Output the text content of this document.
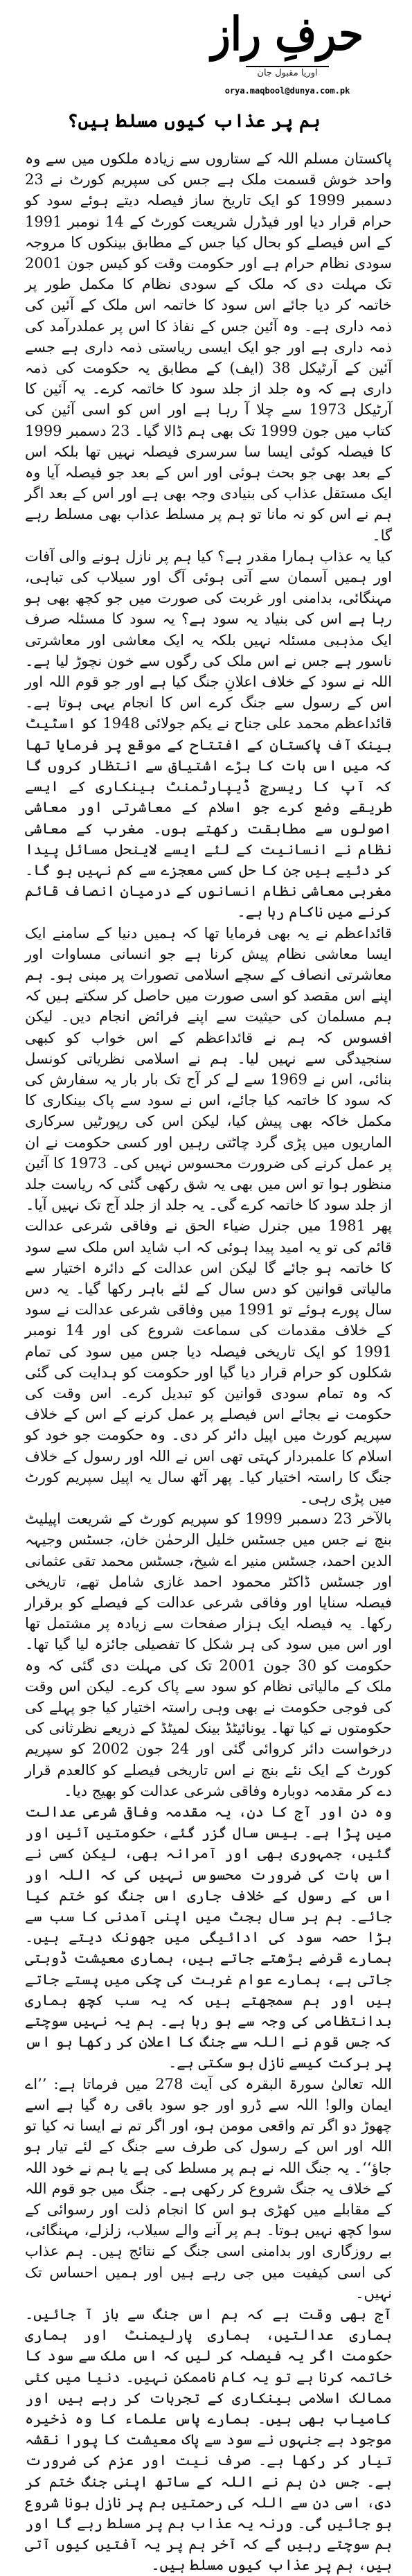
حرفِ راز
اوریا مقبول جان
orya.maqbool@dunya.com.pk
ہم پر عذاب کیوں مسلط ہیں؟

پاکستان مسلم اللہ کے ستاروں سے زیادہ ملکوں میں سے وہ واحد خوش قسمت ملک ہے جس کی سپریم کورٹ نے 23 دسمبر 1999 کو ایک تاریخ ساز فیصلہ دیتے ہوئے سود کو حرام قرار دیا اور فیڈرل شریعت کورٹ کے 14 نومبر 1991 کے اس فیصلے کو بحال کیا جس کے مطابق بینکوں کا مروجہ سودی نظام حرام ہے اور حکومت وقت کو کیس جون 2001 تک مہلت دی کہ ملک کے سودی نظام کا مکمل طور پر خاتمہ کر دیا جائے اس سود کا خاتمہ اس ملک کے آئین کی ذمہ داری ہے۔ وہ آئین جس کے نفاذ کا اس پر عملدرآمد کی ذمہ داری ہے اور جو ایک ایسی ریاستی ذمہ داری ہے جسے آئین کے آرٹیکل 38 (ایف) کے مطابق یہ حکومت کی ذمہ داری ہے کہ وہ جلد از جلد سود کا خاتمہ کرے۔ یہ آئین کا آرٹیکل 1973 سے چلا آ رہا ہے اور اس کو اسی آئین کی کتاب میں جون 1999 تک بھی ہم ڈالا گیا۔ 23 دسمبر 1999 کا فیصلہ کوئی ایسا سا سرسری فیصلہ نہیں تھا بلکہ اس کے بعد بھی جو بحث ہوئی اور اس کے بعد جو فیصلہ آیا وہ ایک مستقل عذاب کی بنیادی وجہ بھی ہے اور اس کے بعد اگر ہم نے اس کو نہ مانا تو ہم پر مسلط عذاب بھی مسلط رہے گا۔

کیا یہ عذاب ہمارا مقدر ہے؟ کیا ہم پر نازل ہونے والی آفات اور ہمیں آسمان سے آتی ہوئی آگ اور سیلاب کی تباہی، مہنگائی، بدامنی اور غربت کی صورت میں جو کچھ بھی ہو رہا ہے اس کی بنیاد یہ سود ہے؟ یہ سود کا مسئلہ صرف ایک مذہبی مسئلہ نہیں بلکہ یہ ایک معاشی اور معاشرتی ناسور ہے جس نے اس ملک کی رگوں سے خون نچوڑ لیا ہے۔ اللہ نے سود کے خلاف اعلانِ جنگ کیا ہے اور جو قوم اللہ اور اس کے رسول سے جنگ کرے اس کا انجام یہی ہوتا ہے۔ قائداعظم محمد علی جناح نے یکم جولائی 1948 کو اسٹیٹ بینک آف پاکستان کے افتتاح کے موقع پر فرمایا تھا کہ میں اس بات کا بڑے اشتیاق سے انتظار کروں گا کہ آپ کا ریسرچ ڈیپارٹمنٹ بینکاری کے ایسے طریقے وضع کرے جو اسلام کے معاشرتی اور معاشی اصولوں سے مطابقت رکھتے ہوں۔ مغرب کے معاشی نظام نے انسانیت کے لئے ایسے لاینحل مسائل پیدا کر دئیے ہیں جن کا حل کسی معجزے سے کم نہیں ہو گا۔ مغربی معاشی نظام انسانوں کے درمیان انصاف قائم کرنے میں ناکام رہا ہے۔

قائداعظم نے یہ بھی فرمایا تھا کہ ہمیں دنیا کے سامنے ایک ایسا معاشی نظام پیش کرنا ہے جو انسانی مساوات اور معاشرتی انصاف کے سچے اسلامی تصورات پر مبنی ہو۔ ہم اپنے اس مقصد کو اسی صورت میں حاصل کر سکتے ہیں کہ ہم مسلمان کی حیثیت سے اپنے فرائض انجام دیں۔ لیکن افسوس کہ ہم نے قائداعظم کے اس خواب کو کبھی سنجیدگی سے نہیں لیا۔ ہم نے اسلامی نظریاتی کونسل بنائی، اس نے 1969 سے لے کر آج تک بار بار یہ سفارش کی کہ سود کا خاتمہ کیا جائے، اس نے سود سے پاک بینکاری کا مکمل خاکہ بھی پیش کیا، لیکن اس کی رپورٹیں سرکاری الماریوں میں پڑی گرد چاٹتی رہیں اور کسی حکومت نے ان پر عمل کرنے کی ضرورت محسوس نہیں کی۔ 1973 کا آئین منظور ہوا تو اس میں بھی یہ شق رکھی گئی کہ ریاست جلد از جلد سود کا خاتمہ کرے گی۔ یہ جلد از جلد آج تک نہیں آیا۔

پھر 1981 میں جنرل ضیاء الحق نے وفاقی شرعی عدالت قائم کی تو یہ امید پیدا ہوئی کہ اب شاید اس ملک سے سود کا خاتمہ ہو جائے گا لیکن اس عدالت کے دائرہ اختیار سے مالیاتی قوانین کو دس سال کے لئے باہر رکھا گیا۔ یہ دس سال پورے ہوئے تو 1991 میں وفاقی شرعی عدالت نے سود کے خلاف مقدمات کی سماعت شروع کی اور 14 نومبر 1991 کو ایک تاریخی فیصلہ دیا جس میں سود کی تمام شکلوں کو حرام قرار دیا گیا اور حکومت کو ہدایت کی گئی کہ وہ تمام سودی قوانین کو تبدیل کرے۔ اس وقت کی حکومت نے بجائے اس فیصلے پر عمل کرنے کے اس کے خلاف سپریم کورٹ میں اپیل دائر کر دی۔ وہ حکومت جو خود کو اسلام کا علمبردار کہتی تھی اس نے اللہ اور رسول کے خلاف جنگ کا راستہ اختیار کیا۔ پھر آٹھ سال یہ اپیل سپریم کورٹ میں پڑی رہی۔

بالآخر 23 دسمبر 1999 کو سپریم کورٹ کے شریعت اپیلیٹ بنچ نے جس میں جسٹس خلیل الرحمٰن خان، جسٹس وجیہہ الدین احمد، جسٹس منیر اے شیخ، جسٹس محمد تقی عثمانی اور جسٹس ڈاکٹر محمود احمد غازی شامل تھے، تاریخی فیصلہ سنایا اور وفاقی شرعی عدالت کے فیصلے کو برقرار رکھا۔ یہ فیصلہ ایک ہزار صفحات سے زیادہ پر مشتمل تھا اور اس میں سود کی ہر شکل کا تفصیلی جائزہ لیا گیا تھا۔ حکومت کو 30 جون 2001 تک کی مہلت دی گئی کہ وہ ملک کے مالیاتی نظام کو سود سے پاک کرے۔ لیکن اس وقت کی فوجی حکومت نے بھی وہی راستہ اختیار کیا جو پہلے کی حکومتوں نے کیا تھا۔ یونائیٹڈ بینک لمیٹڈ کے ذریعے نظرثانی کی درخواست دائر کروائی گئی اور 24 جون 2002 کو سپریم کورٹ کے ایک نئے بنچ نے اس تاریخی فیصلے کو کالعدم قرار دے کر مقدمہ دوبارہ وفاقی شرعی عدالت کو بھیج دیا۔

وہ دن اور آج کا دن، یہ مقدمہ وفاقی شرعی عدالت میں پڑا ہے۔ بیس سال گزر گئے، حکومتیں آئیں اور گئیں، جمہوری بھی اور آمرانہ بھی، لیکن کسی نے اس بات کی ضرورت محسوس نہیں کی کہ اللہ اور اس کے رسول کے خلاف جاری اس جنگ کو ختم کیا جائے۔ ہم ہر سال بجٹ میں اپنی آمدنی کا سب سے بڑا حصہ سود کی ادائیگی میں جھونک دیتے ہیں۔ ہمارے قرضے بڑھتے جاتے ہیں، ہماری معیشت ڈوبتی جاتی ہے، ہمارے عوام غربت کی چکی میں پستے جاتے ہیں اور ہم سمجھتے ہیں کہ یہ سب کچھ ہماری بدانتظامی کی وجہ سے ہو رہا ہے۔ ہم یہ نہیں سوچتے کہ جس قوم نے اللہ سے جنگ کا اعلان کر رکھا ہو اس پر برکت کیسے نازل ہو سکتی ہے۔

اللہ تعالیٰ سورۃ البقرہ کی آیت 278 میں فرماتا ہے: ’’اے ایمان والو! اللہ سے ڈرو اور جو سود باقی رہ گیا ہے اسے چھوڑ دو اگر تم واقعی مومن ہو، اور اگر تم نے ایسا نہ کیا تو اللہ اور اس کے رسول کی طرف سے جنگ کے لئے تیار ہو جاؤ‘‘۔ یہ جنگ اللہ نے ہم پر مسلط کی ہے یا ہم نے خود اللہ کے خلاف یہ جنگ شروع کر رکھی ہے۔ جنگ میں جو قوم اللہ کے مقابلے میں کھڑی ہو اس کا انجام ذلت اور رسوائی کے سوا کچھ نہیں ہوتا۔ ہم پر آنے والے سیلاب، زلزلے، مہنگائی، بے روزگاری اور بدامنی اسی جنگ کے نتائج ہیں۔ ہم عذاب کی اسی کیفیت میں جی رہے ہیں اور ہمیں احساس تک نہیں۔

آج بھی وقت ہے کہ ہم اس جنگ سے باز آ جائیں۔ ہماری عدالتیں، ہماری پارلیمنٹ اور ہماری حکومت اگر یہ فیصلہ کر لیں کہ اس ملک سے سود کا خاتمہ کرنا ہے تو یہ کام ناممکن نہیں۔ دنیا میں کئی ممالک اسلامی بینکاری کے تجربات کر رہے ہیں اور کامیاب بھی ہیں۔ ہمارے پاس علماء کا وہ ذخیرہ موجود ہے جنہوں نے سود سے پاک معیشت کا پورا نقشہ تیار کر رکھا ہے۔ صرف نیت اور عزم کی ضرورت ہے۔ جس دن ہم نے اللہ کے ساتھ اپنی جنگ ختم کر دی، اسی دن سے اللہ کی رحمتیں ہم پر نازل ہونا شروع ہو جائیں گی۔ ورنہ یہ عذاب ہم پر مسلط رہے گا اور ہم سوچتے رہیں گے کہ آخر ہم پر یہ آفتیں کیوں آتی ہیں، ہم پر عذاب کیوں مسلط ہیں۔
